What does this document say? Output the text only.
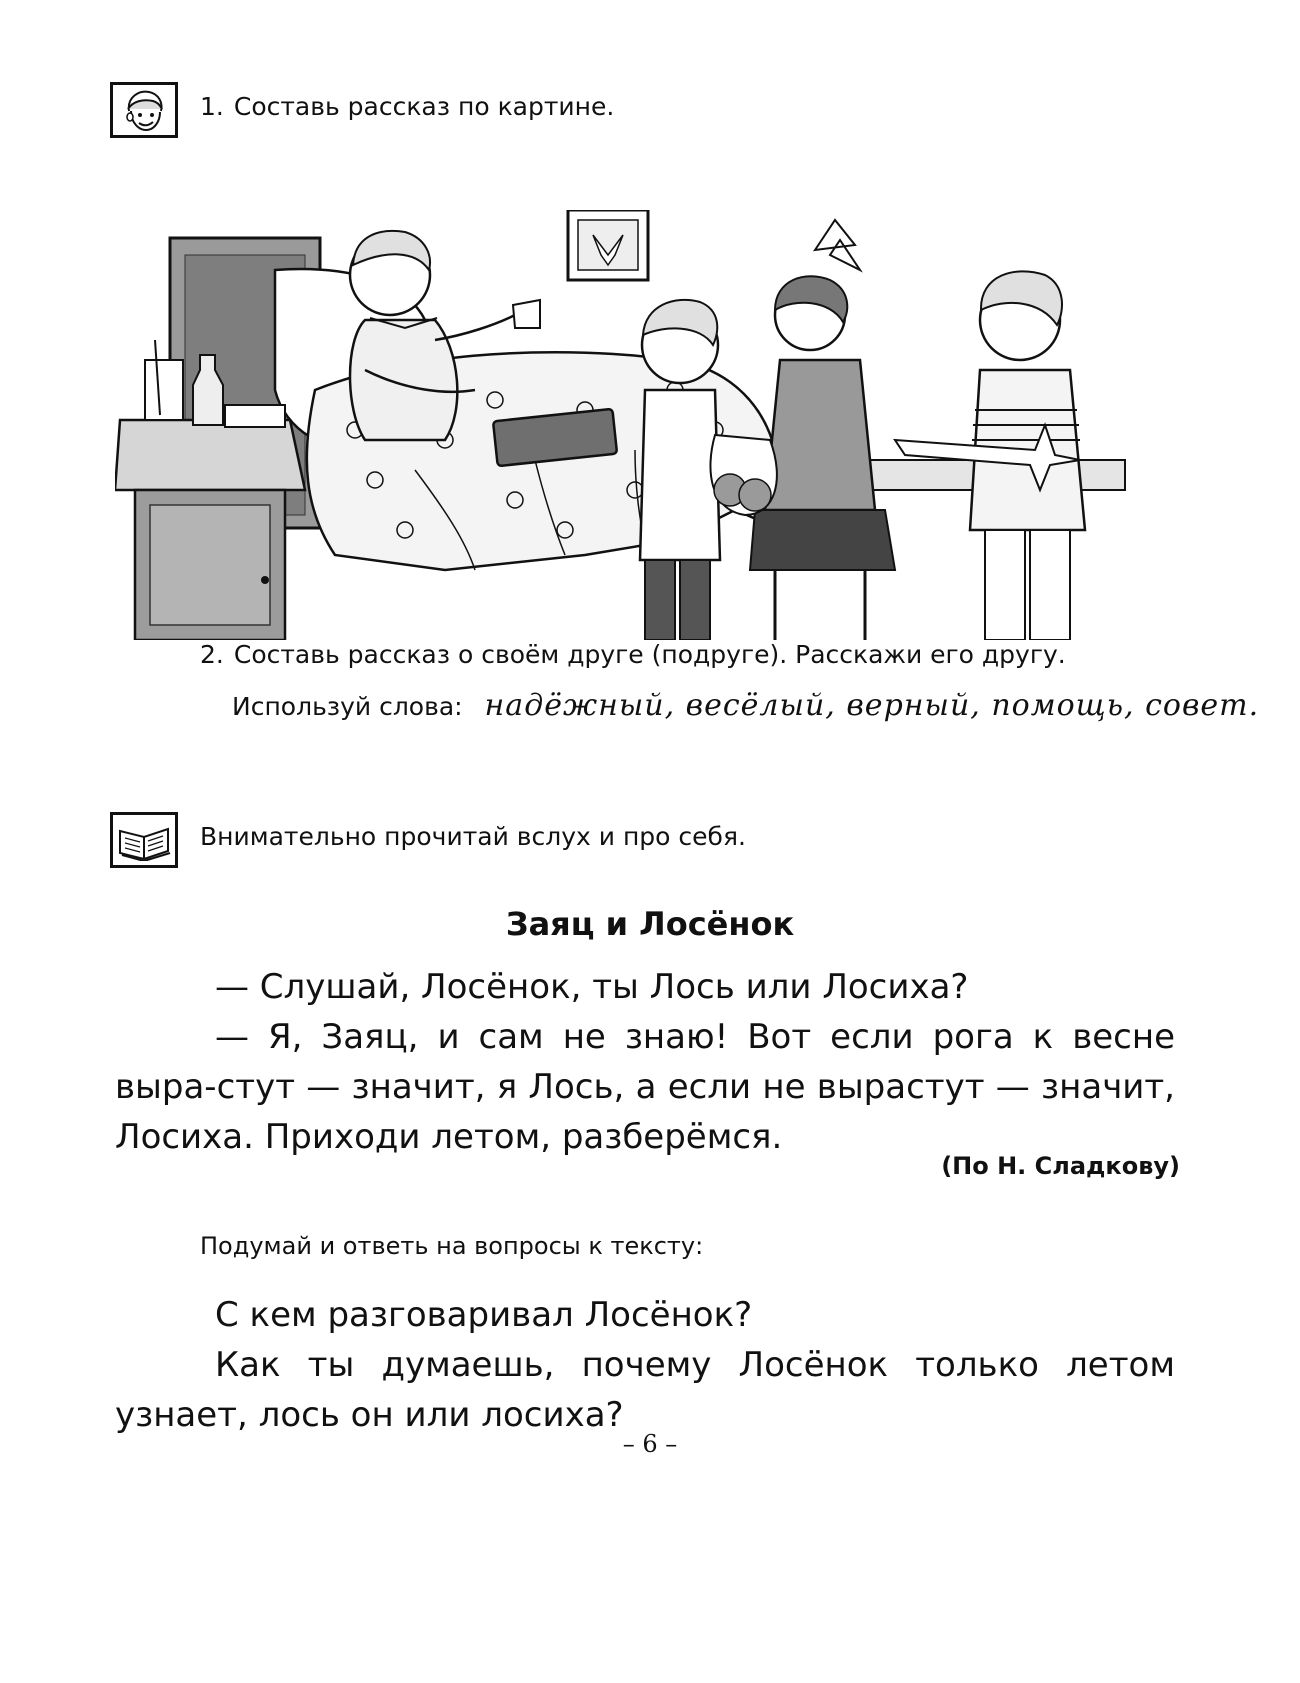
1. Составь рассказ по картине.
2. Составь рассказ о своём друге (подруге). Расскажи его другу.
Используй слова: надёжный, весёлый, верный, помощь, совет.
Внимательно прочитай вслух и про себя.
Заяц и Лосёнок

— Слушай, Лосёнок, ты Лось или Лосиха?

— Я, Заяц, и сам не знаю! Вот если рога к весне выра-стут — значит, я Лось, а если не вырастут — значит, Лосиха. Приходи летом, разберёмся.

(По Н. Сладкову)
Подумай и ответь на вопросы к тексту:

С кем разговаривал Лосёнок?

Как ты думаешь, почему Лосёнок только летом узнает, лось он или лосиха?

– 6 –
